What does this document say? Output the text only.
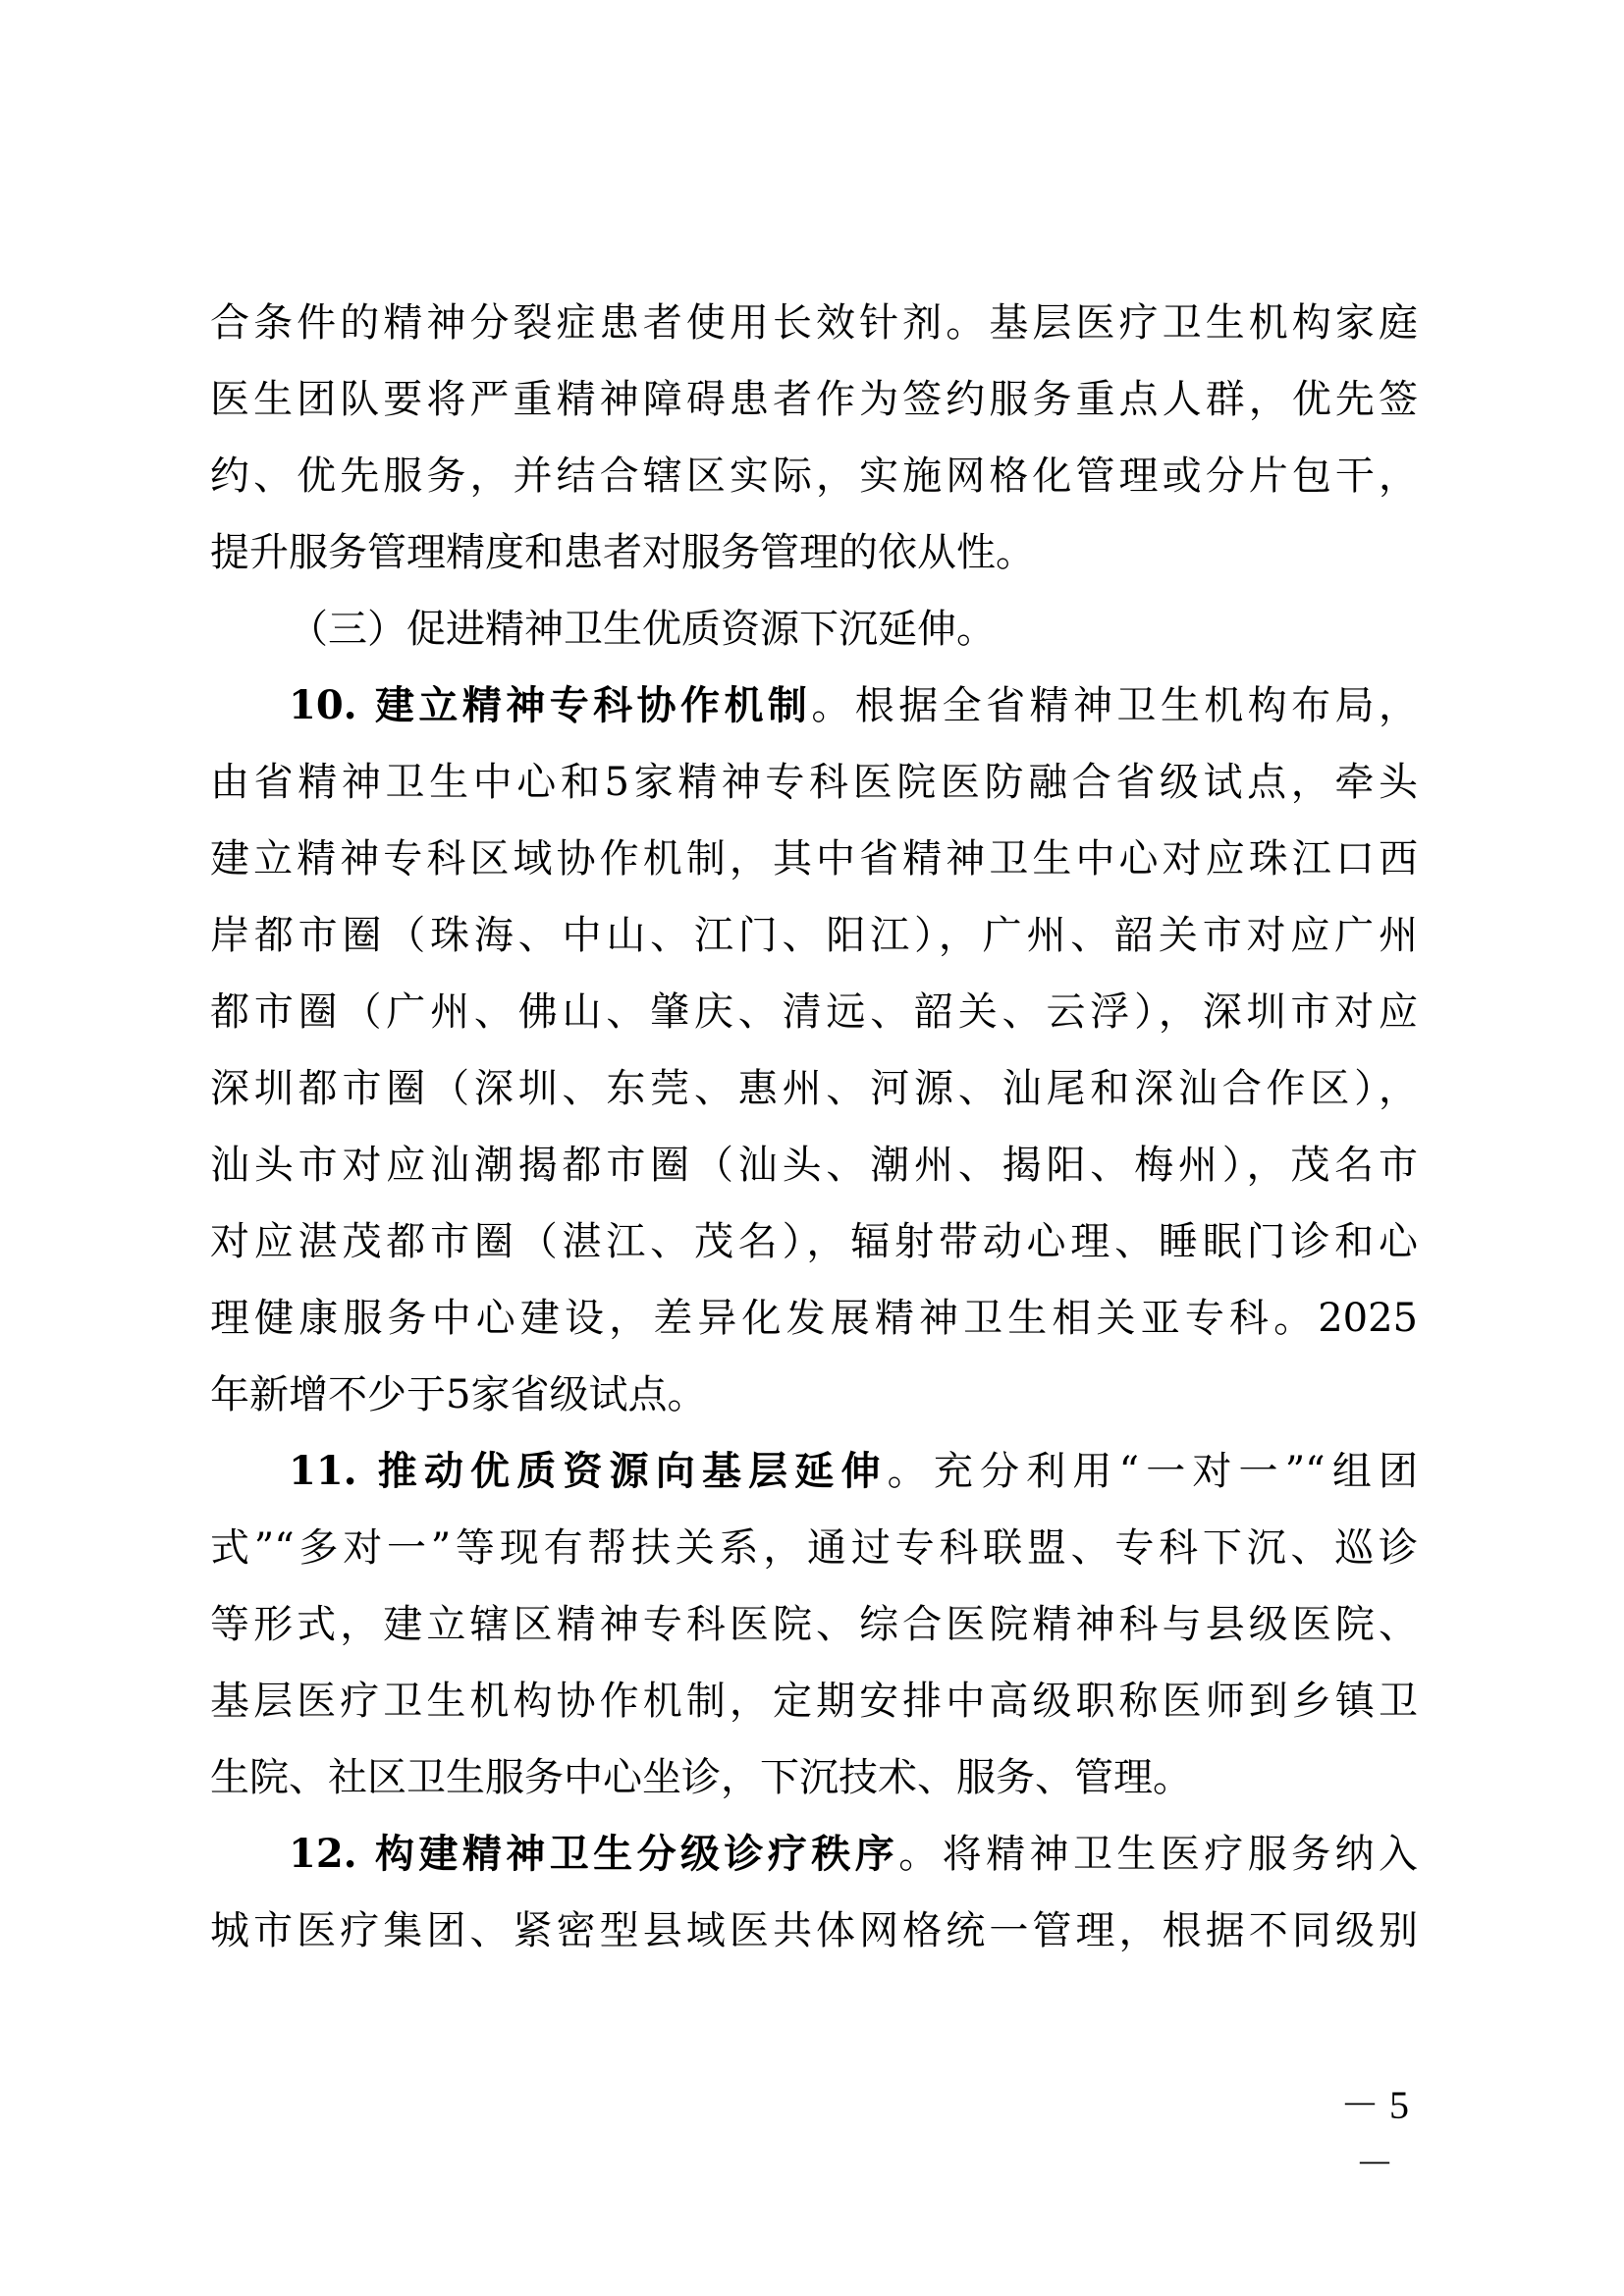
合条件的精神分裂症患者使用长效针剂。基层医疗卫生机构家庭
医生团队要将严重精神障碍患者作为签约服务重点人群，优先签
约、优先服务，并结合辖区实际，实施网格化管理或分片包干，
提升服务管理精度和患者对服务管理的依从性。
（三）促进精神卫生优质资源下沉延伸。
10. 建立精神专科协作机制。根据全省精神卫生机构布局，
由省精神卫生中心和5家精神专科医院医防融合省级试点，牵头
建立精神专科区域协作机制，其中省精神卫生中心对应珠江口西
岸都市圈（珠海、中山、江门、阳江），广州、韶关市对应广州
都市圈（广州、佛山、肇庆、清远、韶关、云浮），深圳市对应
深圳都市圈（深圳、东莞、惠州、河源、汕尾和深汕合作区），
汕头市对应汕潮揭都市圈（汕头、潮州、揭阳、梅州），茂名市
对应湛茂都市圈（湛江、茂名），辐射带动心理、睡眠门诊和心
理健康服务中心建设，差异化发展精神卫生相关亚专科。2025
年新增不少于5家省级试点。
11. 推动优质资源向基层延伸。充分利用“一对一”“组团
式”“多对一”等现有帮扶关系，通过专科联盟、专科下沉、巡诊
等形式，建立辖区精神专科医院、综合医院精神科与县级医院、
基层医疗卫生机构协作机制，定期安排中高级职称医师到乡镇卫
生院、社区卫生服务中心坐诊，下沉技术、服务、管理。
12. 构建精神卫生分级诊疗秩序。将精神卫生医疗服务纳入
城市医疗集团、紧密型县域医共体网格统一管理，根据不同级别
－ 5 －
